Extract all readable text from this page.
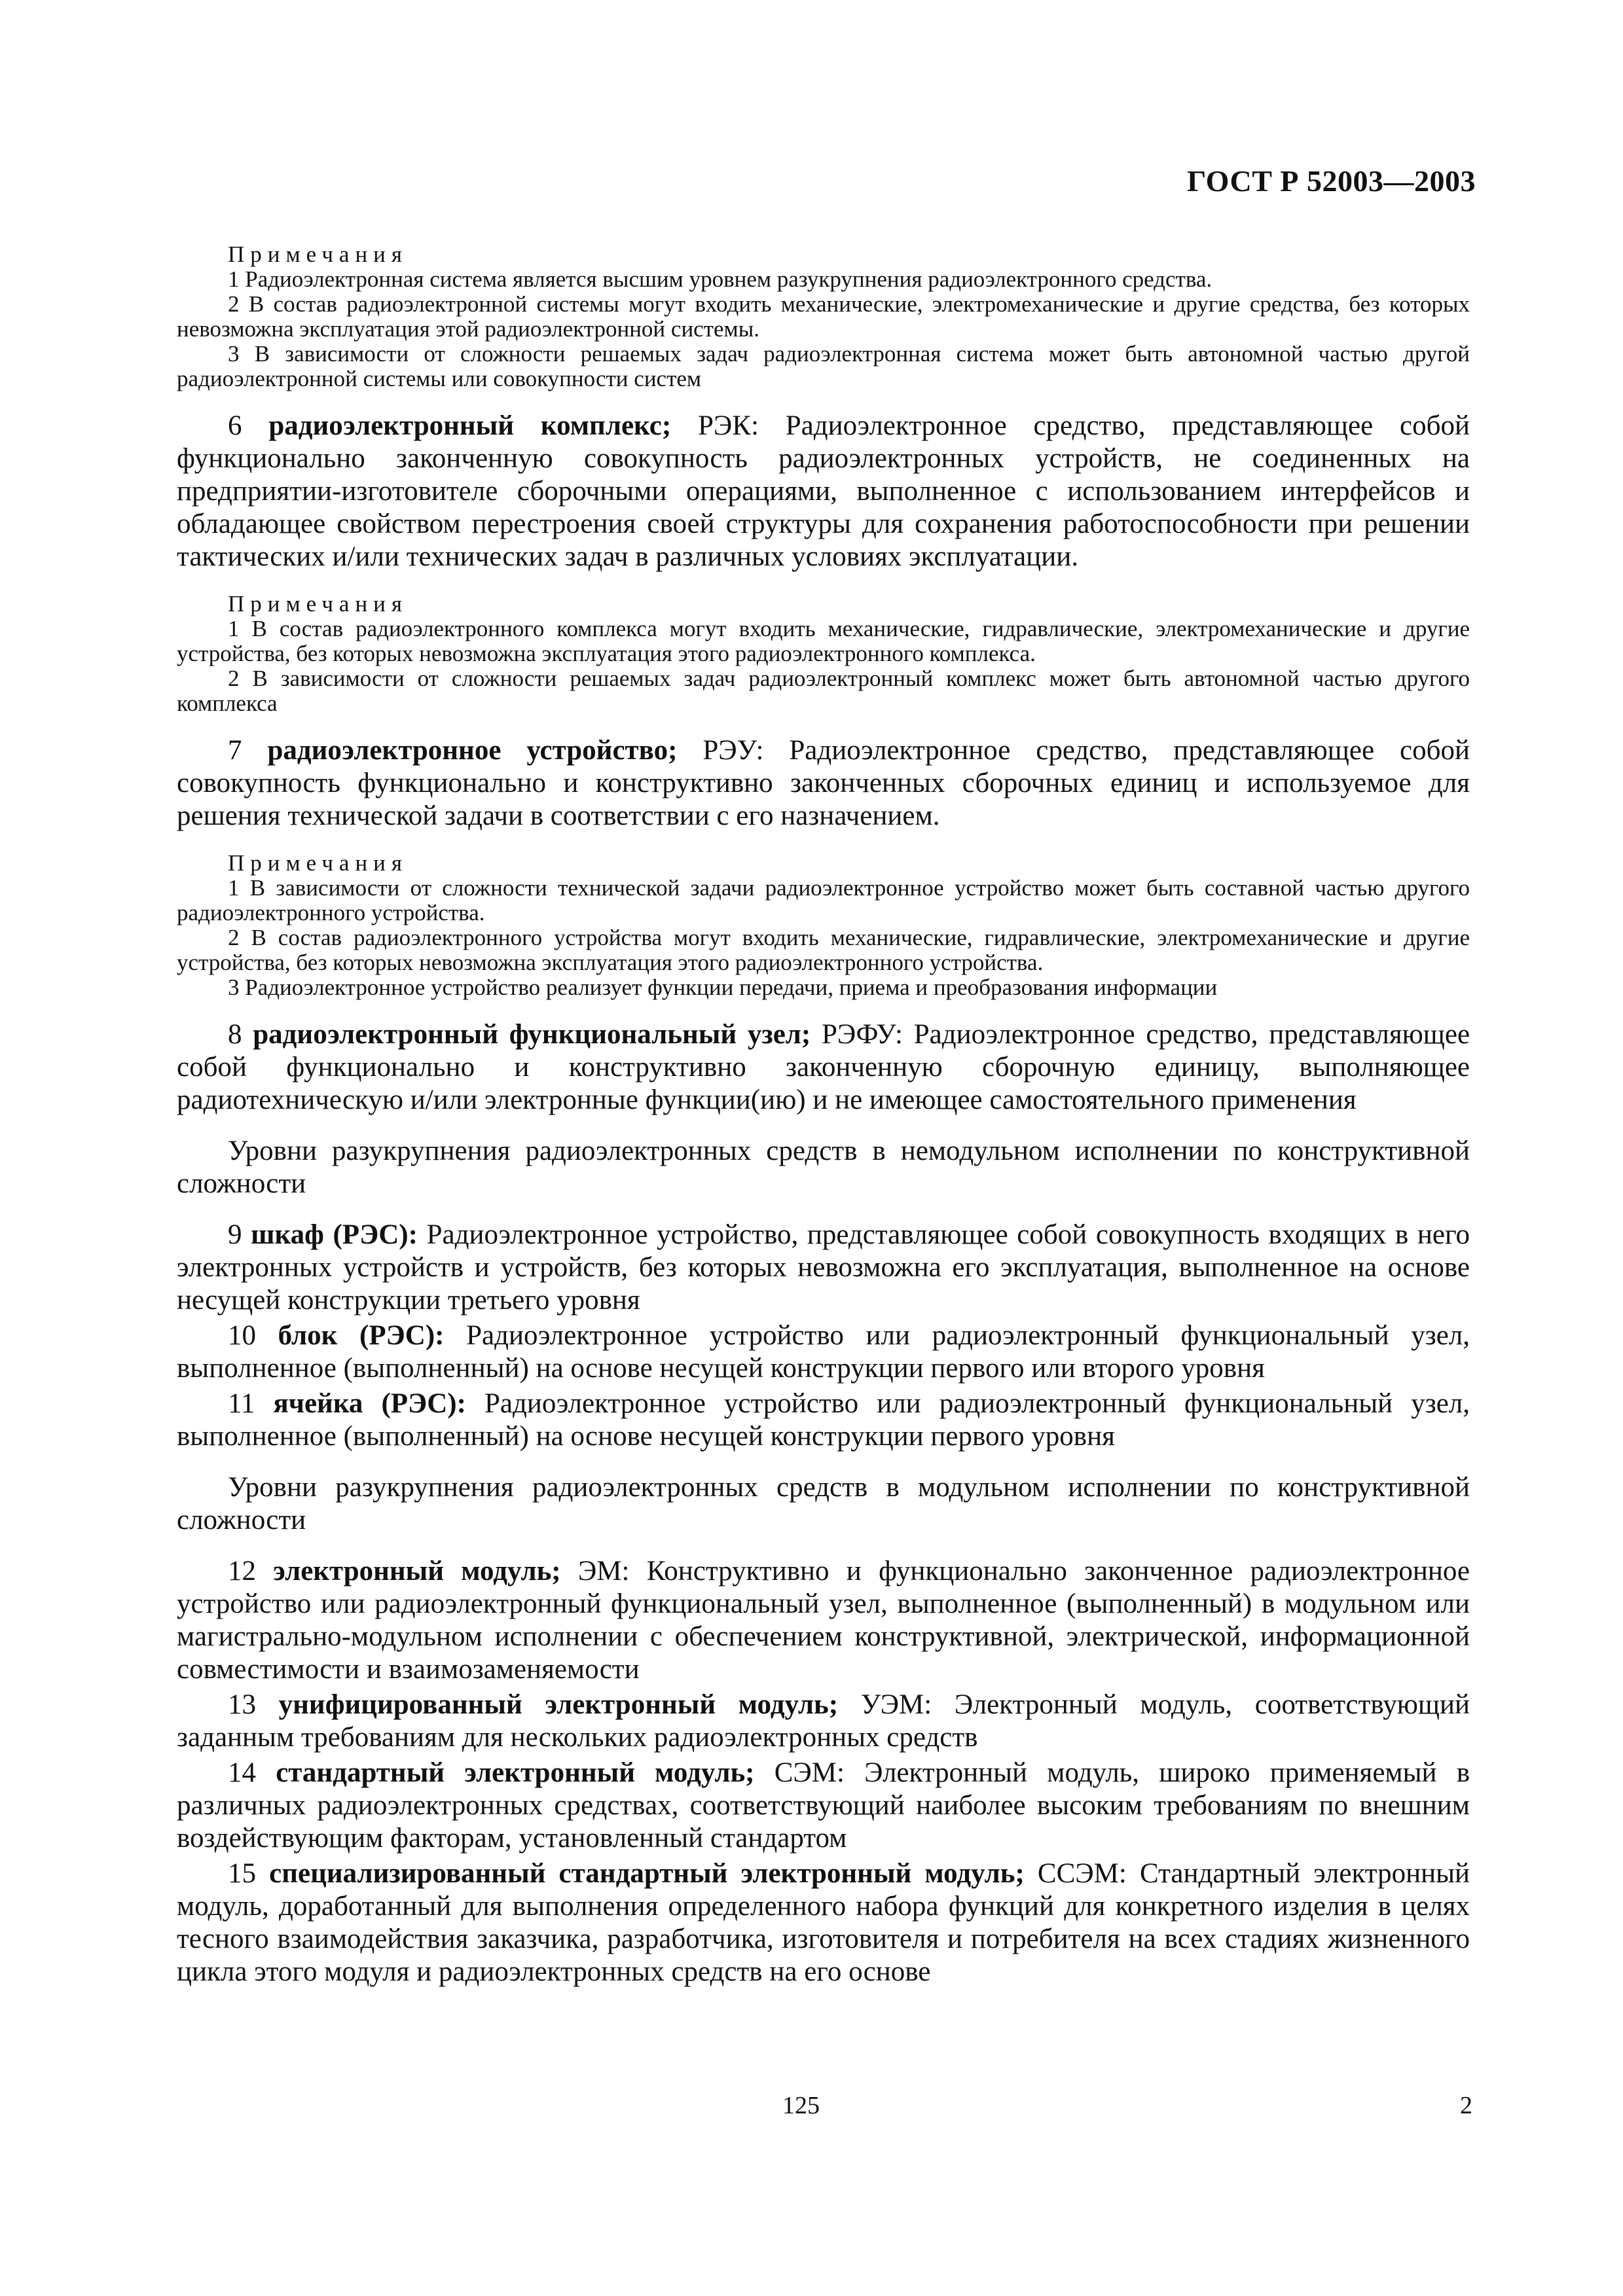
ГОСТ Р 52003—2003
Примечания

1 Радиоэлектронная система является высшим уровнем разукрупнения радиоэлектронного средства.

2 В состав радиоэлектронной системы могут входить механические, электромеханические и другие средства, без которых невозможна эксплуатация этой радиоэлектронной системы.

3 В зависимости от сложности решаемых задач радиоэлектронная система может быть автономной частью другой радиоэлектронной системы или совокупности систем

6 радиоэлектронный комплекс; РЭК: Радиоэлектронное средство, представляющее собой функционально законченную совокупность радиоэлектронных устройств, не соединенных на предприятии-изготовителе сборочными операциями, выполненное с использованием интерфейсов и обладающее свойством перестроения своей структуры для сохранения работоспособности при решении тактических и/или технических задач в различных условиях эксплуатации.

Примечания

1 В состав радиоэлектронного комплекса могут входить механические, гидравлические, электромеханические и другие устройства, без которых невозможна эксплуатация этого радиоэлектронного комплекса.

2 В зависимости от сложности решаемых задач радиоэлектронный комплекс может быть автономной частью другого комплекса

7 радиоэлектронное устройство; РЭУ: Радиоэлектронное средство, представляющее собой совокупность функционально и конструктивно законченных сборочных единиц и используемое для решения технической задачи в соответствии с его назначением.

Примечания

1 В зависимости от сложности технической задачи радиоэлектронное устройство может быть составной частью другого радиоэлектронного устройства.

2 В состав радиоэлектронного устройства могут входить механические, гидравлические, электромеханические и другие устройства, без которых невозможна эксплуатация этого радиоэлектронного устройства.

3 Радиоэлектронное устройство реализует функции передачи, приема и преобразования информации

8 радиоэлектронный функциональный узел; РЭФУ: Радиоэлектронное средство, представляющее собой функционально и конструктивно законченную сборочную единицу, выполняющее радиотехническую и/или электронные функции(ию) и не имеющее самостоятельного применения

Уровни разукрупнения радиоэлектронных средств в немодульном исполнении по конструктивной сложности

9 шкаф (РЭС): Радиоэлектронное устройство, представляющее собой совокупность входящих в него электронных устройств и устройств, без которых невозможна его эксплуатация, выполненное на основе несущей конструкции третьего уровня

10 блок (РЭС): Радиоэлектронное устройство или радиоэлектронный функциональный узел, выполненное (выполненный) на основе несущей конструкции первого или второго уровня

11 ячейка (РЭС): Радиоэлектронное устройство или радиоэлектронный функциональный узел, выполненное (выполненный) на основе несущей конструкции первого уровня

Уровни разукрупнения радиоэлектронных средств в модульном исполнении по конструктивной сложности

12 электронный модуль; ЭМ: Конструктивно и функционально законченное радиоэлектронное устройство или радиоэлектронный функциональный узел, выполненное (выполненный) в модульном или магистрально-модульном исполнении с обеспечением конструктивной, электрической, информационной совместимости и взаимозаменяемости

13 унифицированный электронный модуль; УЭМ: Электронный модуль, соответствующий заданным требованиям для нескольких радиоэлектронных средств

14 стандартный электронный модуль; СЭМ: Электронный модуль, широко применяемый в различных радиоэлектронных средствах, соответствующий наиболее высоким требованиям по внешним воздействующим факторам, установленный стандартом

15 специализированный стандартный электронный модуль; ССЭМ: Стандартный электронный модуль, доработанный для выполнения определенного набора функций для конкретного изделия в целях тесного взаимодействия заказчика, разработчика, изготовителя и потребителя на всех стадиях жизненного цикла этого модуля и радиоэлектронных средств на его основе

125	2
